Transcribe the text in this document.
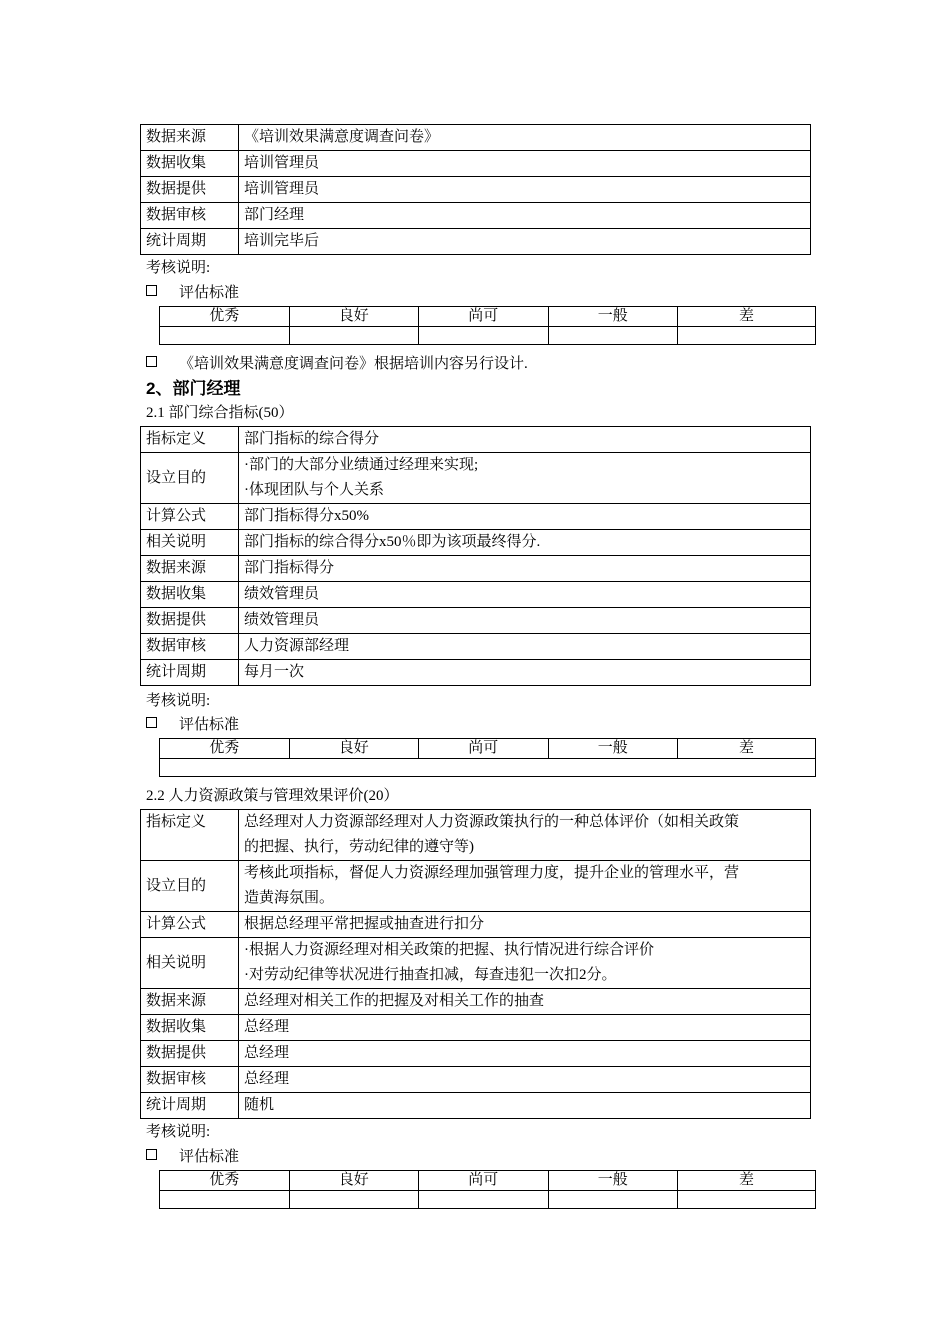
数据来源	《培训效果满意度调查问卷》
数据收集	培训管理员
数据提供	培训管理员
数据审核	部门经理
统计周期	培训完毕后
考核说明:
评估标准
优秀	良好	尚可	一般	差

《培训效果满意度调查问卷》根据培训内容另行设计.
2、部门经理
2.1 部门综合指标(50）
指标定义	部门指标的综合得分
设立目的	·部门的大部分业绩通过经理来实现;
·体现团队与个人关系

计算公式	部门指标得分x50%
相关说明	部门指标的综合得分x50％即为该项最终得分.
数据来源	部门指标得分
数据收集	绩效管理员
数据提供	绩效管理员
数据审核	人力资源部经理
统计周期	每月一次
考核说明:
评估标准
优秀	良好	尚可	一般	差

2.2 人力资源政策与管理效果评价(20）
指标定义	总经理对人力资源部经理对人力资源政策执行的一种总体评价（如相关政策
的把握、执行，劳动纪律的遵守等)

设立目的	考核此项指标，督促人力资源经理加强管理力度，提升企业的管理水平，营
造黄海氛围。

计算公式	根据总经理平常把握或抽查进行扣分
相关说明	·根据人力资源经理对相关政策的把握、执行情况进行综合评价
·对劳动纪律等状况进行抽查扣减，每查违犯一次扣2分。

数据来源	总经理对相关工作的把握及对相关工作的抽查
数据收集	总经理
数据提供	总经理
数据审核	总经理
统计周期	随机
考核说明:
评估标准
优秀	良好	尚可	一般	差
